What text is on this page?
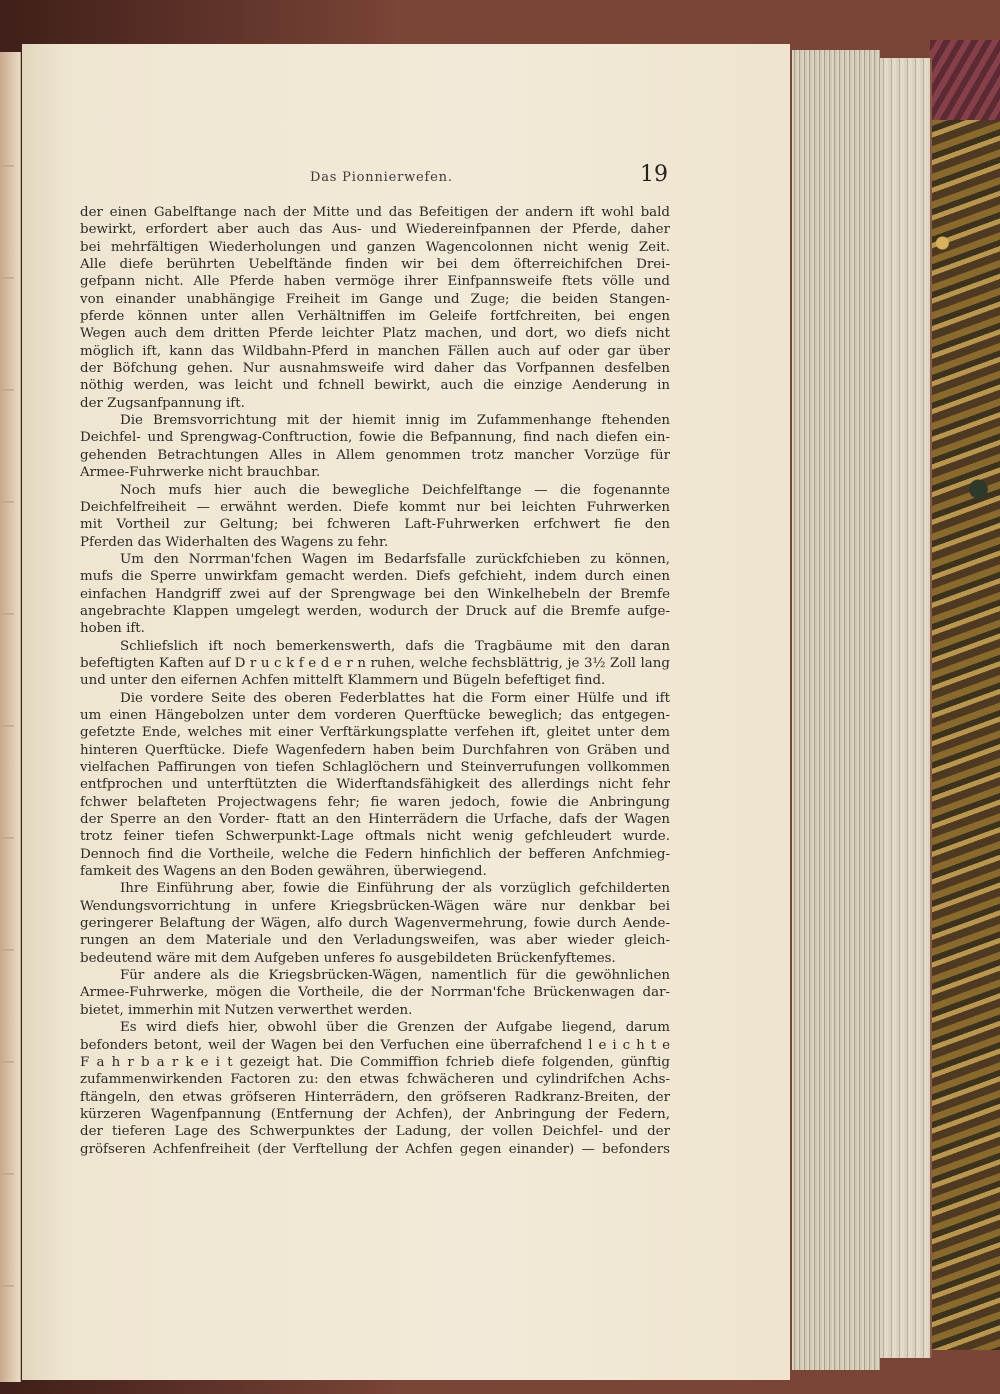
Das Pionnierwefen.	19
der einen Gabelftange nach der Mitte und das Befeitigen der andern ift wohl bald
bewirkt, erfordert aber auch das Aus- und Wiedereinfpannen der Pferde, daher
bei mehrfältigen Wiederholungen und ganzen Wagencolonnen nicht wenig Zeit.
Alle diefe berührten Uebelftände finden wir bei dem öfterreichifchen Drei-
gefpann nicht. Alle Pferde haben vermöge ihrer Einfpannsweife ftets völle und
von einander unabhängige Freiheit im Gange und Zuge; die beiden Stangen-
pferde können unter allen Verhältniffen im Geleife fortfchreiten, bei engen
Wegen auch dem dritten Pferde leichter Platz machen, und dort, wo diefs nicht
möglich ift, kann das Wildbahn-Pferd in manchen Fällen auch auf oder gar über
der Böfchung gehen. Nur ausnahmsweife wird daher das Vorfpannen desfelben
nöthig werden, was leicht und fchnell bewirkt, auch die einzige Aenderung in
der Zugsanfpannung ift.
Die Bremsvorrichtung mit der hiemit innig im Zufammenhange ftehenden
Deichfel- und Sprengwag-Conftruction, fowie die Befpannung, find nach diefen ein-
gehenden Betrachtungen Alles in Allem genommen trotz mancher Vorzüge für
Armee-Fuhrwerke nicht brauchbar.
Noch mufs hier auch die bewegliche Deichfelftange — die fogenannte
Deichfelfreiheit — erwähnt werden. Diefe kommt nur bei leichten Fuhrwerken
mit Vortheil zur Geltung; bei fchweren Laft-Fuhrwerken erfchwert fie den
Pferden das Widerhalten des Wagens zu fehr.
Um den Norrman'fchen Wagen im Bedarfsfalle zurückfchieben zu können,
mufs die Sperre unwirkfam gemacht werden. Diefs gefchieht, indem durch einen
einfachen Handgriff zwei auf der Sprengwage bei den Winkelhebeln der Bremfe
angebrachte Klappen umgelegt werden, wodurch der Druck auf die Bremfe aufge-
hoben ift.
Schliefslich ift noch bemerkenswerth, dafs die Tragbäume mit den daran
befeftigten Kaften auf D r u c k f e d e r n ruhen, welche fechsblättrig, je 3½ Zoll lang
und unter den eifernen Achfen mittelft Klammern und Bügeln befeftiget find.
Die vordere Seite des oberen Federblattes hat die Form einer Hülfe und ift
um einen Hängebolzen unter dem vorderen Querftücke beweglich; das entgegen-
gefetzte Ende, welches mit einer Verftärkungsplatte verfehen ift, gleitet unter dem
hinteren Querftücke. Diefe Wagenfedern haben beim Durchfahren von Gräben und
vielfachen Paffirungen von tiefen Schlaglöchern und Steinverrufungen vollkommen
entfprochen und unterftützten die Widerftandsfähigkeit des allerdings nicht fehr
fchwer belafteten Projectwagens fehr; fie waren jedoch, fowie die Anbringung
der Sperre an den Vorder- ftatt an den Hinterrädern die Urfache, dafs der Wagen
trotz feiner tiefen Schwerpunkt-Lage oftmals nicht wenig gefchleudert wurde.
Dennoch find die Vortheile, welche die Federn hinfichlich der befferen Anfchmieg-
famkeit des Wagens an den Boden gewähren, überwiegend.
Ihre Einführung aber, fowie die Einführung der als vorzüglich gefchilderten
Wendungsvorrichtung in unfere Kriegsbrücken-Wägen wäre nur denkbar bei
geringerer Belaftung der Wägen, alfo durch Wagenvermehrung, fowie durch Aende-
rungen an dem Materiale und den Verladungsweifen, was aber wieder gleich-
bedeutend wäre mit dem Aufgeben unferes fo ausgebildeten Brückenfyftemes.
Für andere als die Kriegsbrücken-Wägen, namentlich für die gewöhnlichen
Armee-Fuhrwerke, mögen die Vortheile, die der Norrman'fche Brückenwagen dar-
bietet, immerhin mit Nutzen verwerthet werden.
Es wird diefs hier, obwohl über die Grenzen der Aufgabe liegend, darum
befonders betont, weil der Wagen bei den Verfuchen eine überrafchend l e i c h t e
F a h r b a r k e i t gezeigt hat. Die Commiffion fchrieb diefe folgenden, günftig
zufammenwirkenden Factoren zu: den etwas fchwächeren und cylindrifchen Achs-
ftängeln, den etwas gröfseren Hinterrädern, den gröfseren Radkranz-Breiten, der
kürzeren Wagenfpannung (Entfernung der Achfen), der Anbringung der Federn,
der tieferen Lage des Schwerpunktes der Ladung, der vollen Deichfel- und der
gröfseren Achfenfreiheit (der Verftellung der Achfen gegen einander) — befonders
